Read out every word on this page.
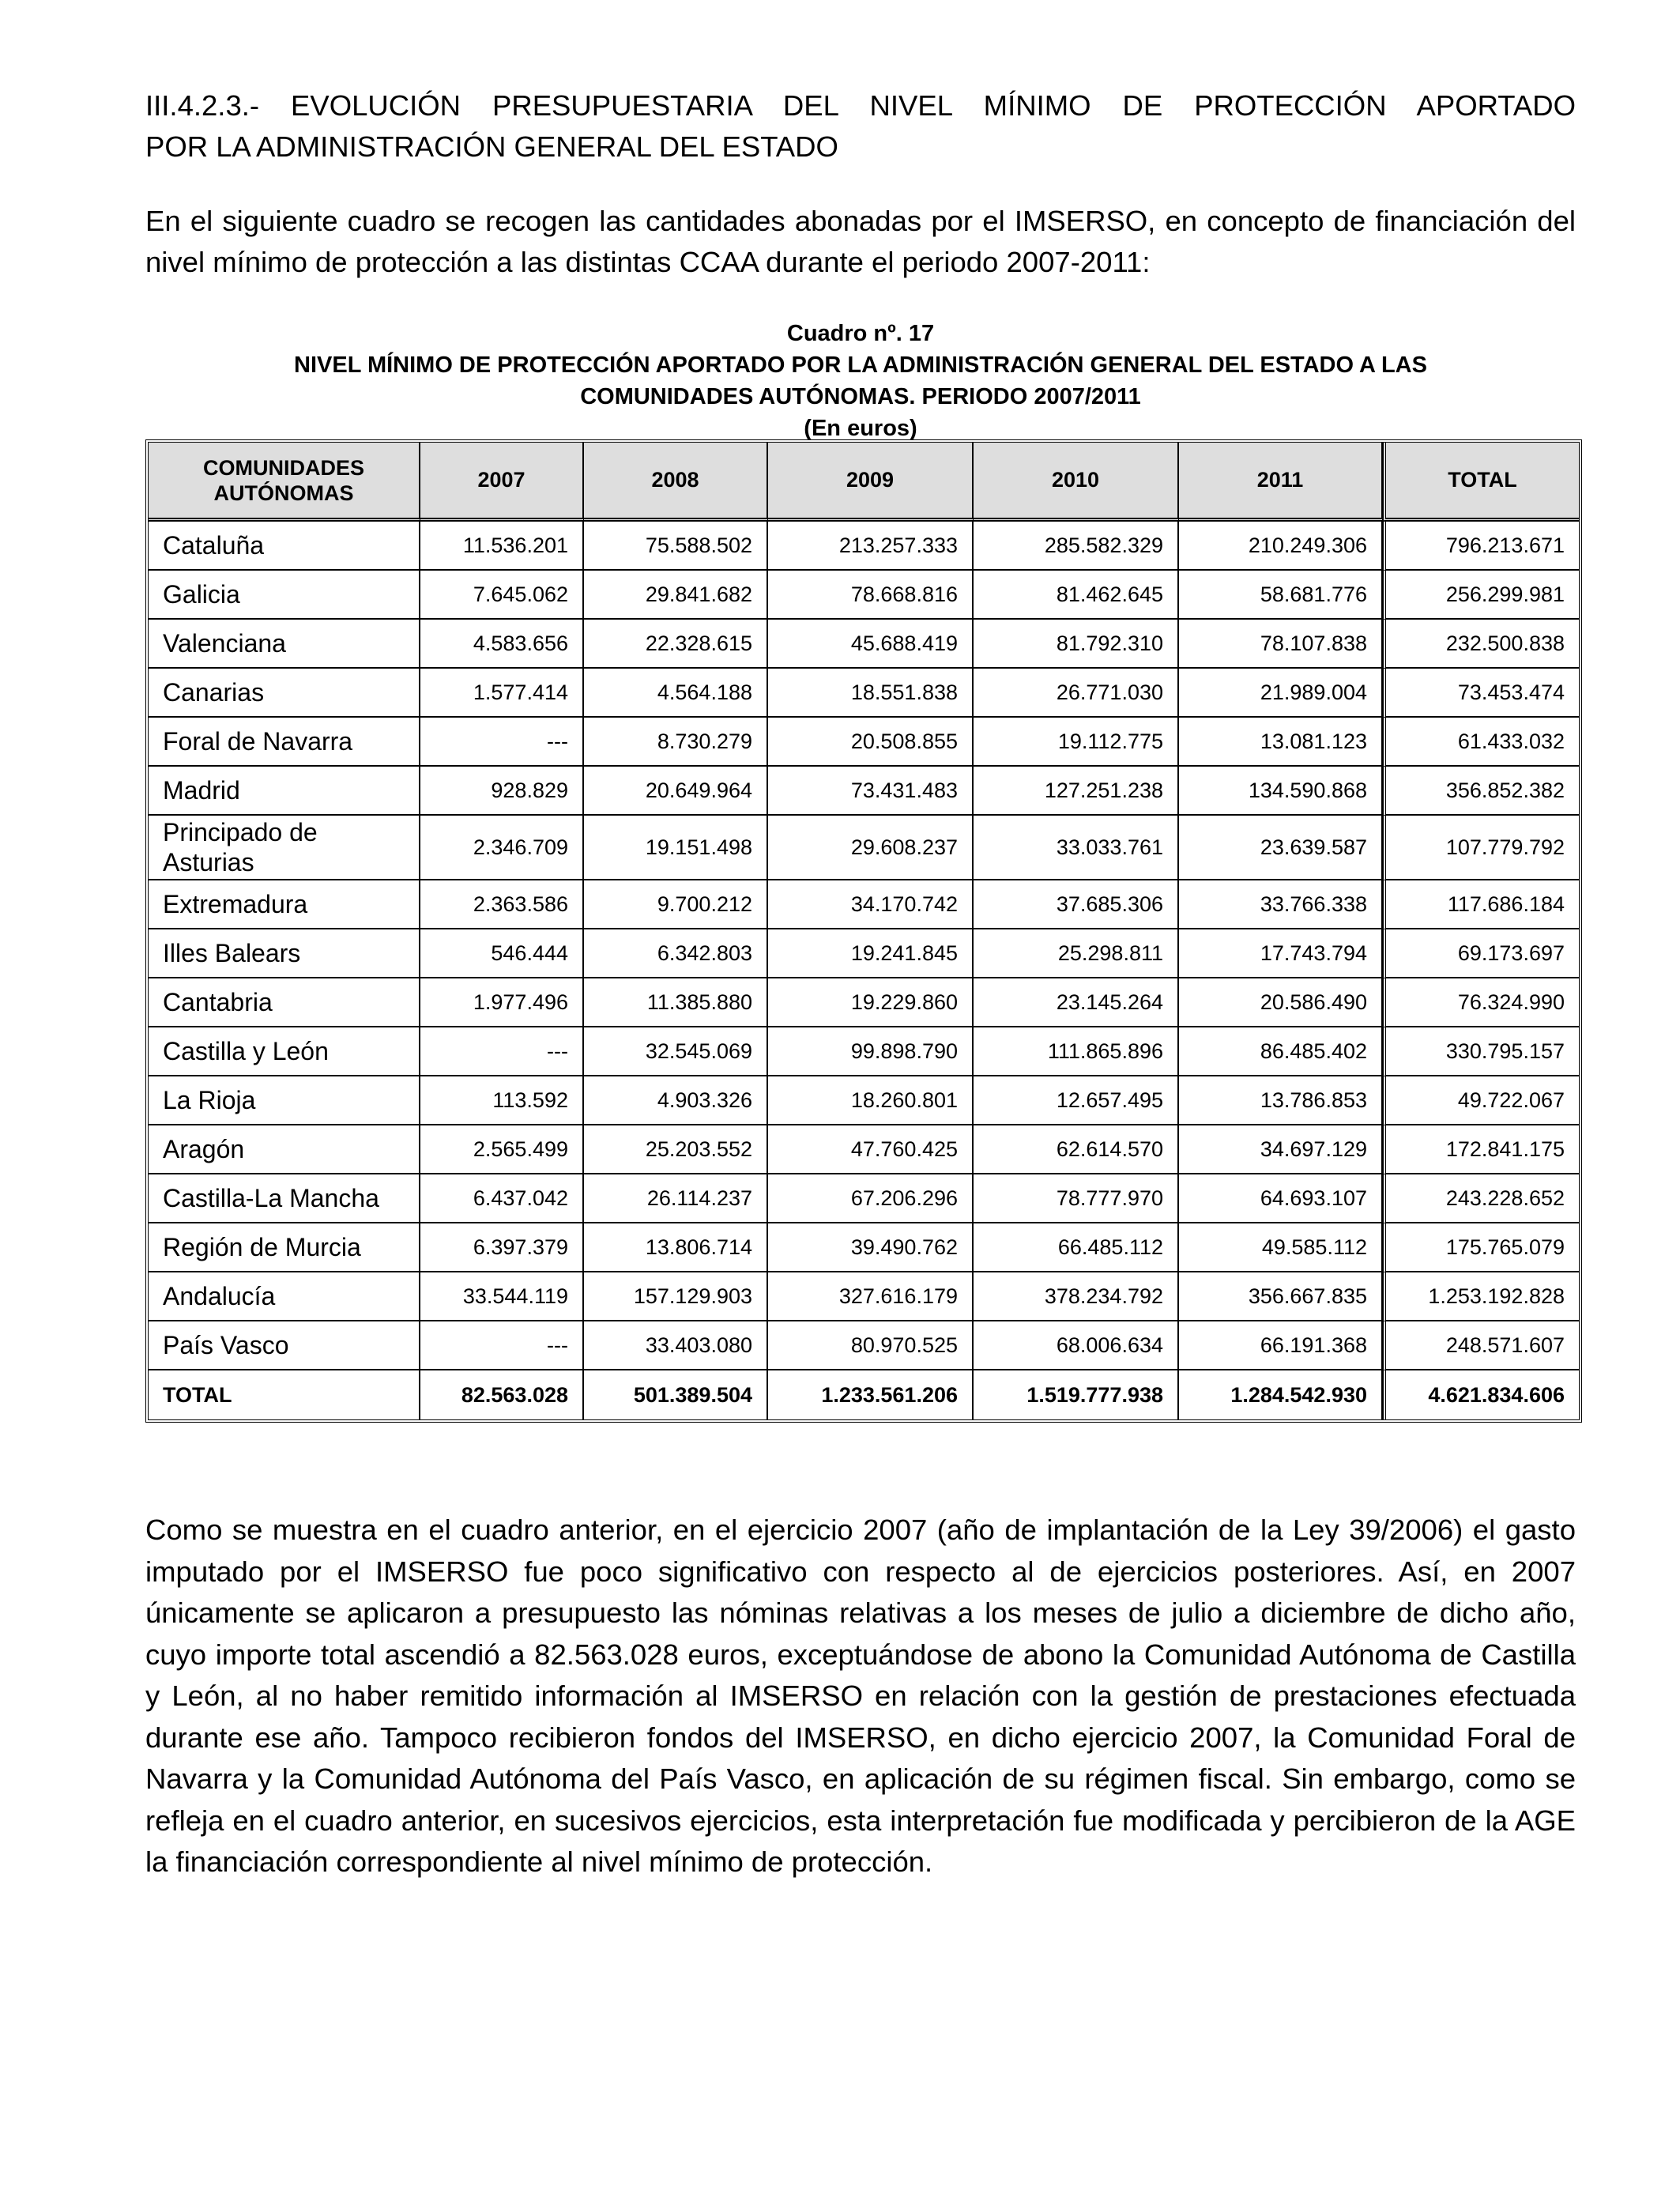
III.4.2.3.- EVOLUCIÓN PRESUPUESTARIA DEL NIVEL MÍNIMO DE PROTECCIÓN APORTADO
POR LA ADMINISTRACIÓN GENERAL DEL ESTADO

En el siguiente cuadro se recogen las cantidades abonadas por el IMSERSO, en concepto de financiación del nivel mínimo de protección a las distintas CCAA durante el periodo 2007-2011:

Cuadro nº. 17
NIVEL MÍNIMO DE PROTECCIÓN APORTADO POR LA ADMINISTRACIÓN GENERAL DEL ESTADO A LAS
COMUNIDADES AUTÓNOMAS. PERIODO 2007/2011
(En euros)
COMUNIDADES
AUTÓNOMAS	2007	2008	2009	2010	2011	TOTAL
Cataluña	11.536.201	75.588.502	213.257.333	285.582.329	210.249.306	796.213.671
Galicia	7.645.062	29.841.682	78.668.816	81.462.645	58.681.776	256.299.981
Valenciana	4.583.656	22.328.615	45.688.419	81.792.310	78.107.838	232.500.838
Canarias	1.577.414	4.564.188	18.551.838	26.771.030	21.989.004	73.453.474
Foral de Navarra	---	8.730.279	20.508.855	19.112.775	13.081.123	61.433.032
Madrid	928.829	20.649.964	73.431.483	127.251.238	134.590.868	356.852.382

Principado de
Asturias	2.346.709	19.151.498	29.608.237	33.033.761	23.639.587	107.779.792
Extremadura	2.363.586	9.700.212	34.170.742	37.685.306	33.766.338	117.686.184
Illes Balears	546.444	6.342.803	19.241.845	25.298.811	17.743.794	69.173.697
Cantabria	1.977.496	11.385.880	19.229.860	23.145.264	20.586.490	76.324.990
Castilla y León	---	32.545.069	99.898.790	111.865.896	86.485.402	330.795.157
La Rioja	113.592	4.903.326	18.260.801	12.657.495	13.786.853	49.722.067
Aragón	2.565.499	25.203.552	47.760.425	62.614.570	34.697.129	172.841.175
Castilla-La Mancha	6.437.042	26.114.237	67.206.296	78.777.970	64.693.107	243.228.652
Región de Murcia	6.397.379	13.806.714	39.490.762	66.485.112	49.585.112	175.765.079
Andalucía	33.544.119	157.129.903	327.616.179	378.234.792	356.667.835	1.253.192.828
País Vasco	---	33.403.080	80.970.525	68.006.634	66.191.368	248.571.607
TOTAL	82.563.028	501.389.504	1.233.561.206	1.519.777.938	1.284.542.930	4.621.834.606

Como se muestra en el cuadro anterior, en el ejercicio 2007 (año de implantación de la Ley 39/2006) el gasto imputado por el IMSERSO fue poco significativo con respecto al de ejercicios posteriores. Así, en 2007 únicamente se aplicaron a presupuesto las nóminas relativas a los meses de julio a diciembre de dicho año, cuyo importe total ascendió a 82.563.028 euros, exceptuándose de abono la Comunidad Autónoma de Castilla y León, al no haber remitido información al IMSERSO en relación con la gestión de prestaciones efectuada durante ese año. Tampoco recibieron fondos del IMSERSO, en dicho ejercicio 2007, la Comunidad Foral de Navarra y la Comunidad Autónoma del País Vasco, en aplicación de su régimen fiscal. Sin embargo, como se refleja en el cuadro anterior, en sucesivos ejercicios, esta interpretación fue modificada y percibieron de la AGE la financiación correspondiente al nivel mínimo de protección.
